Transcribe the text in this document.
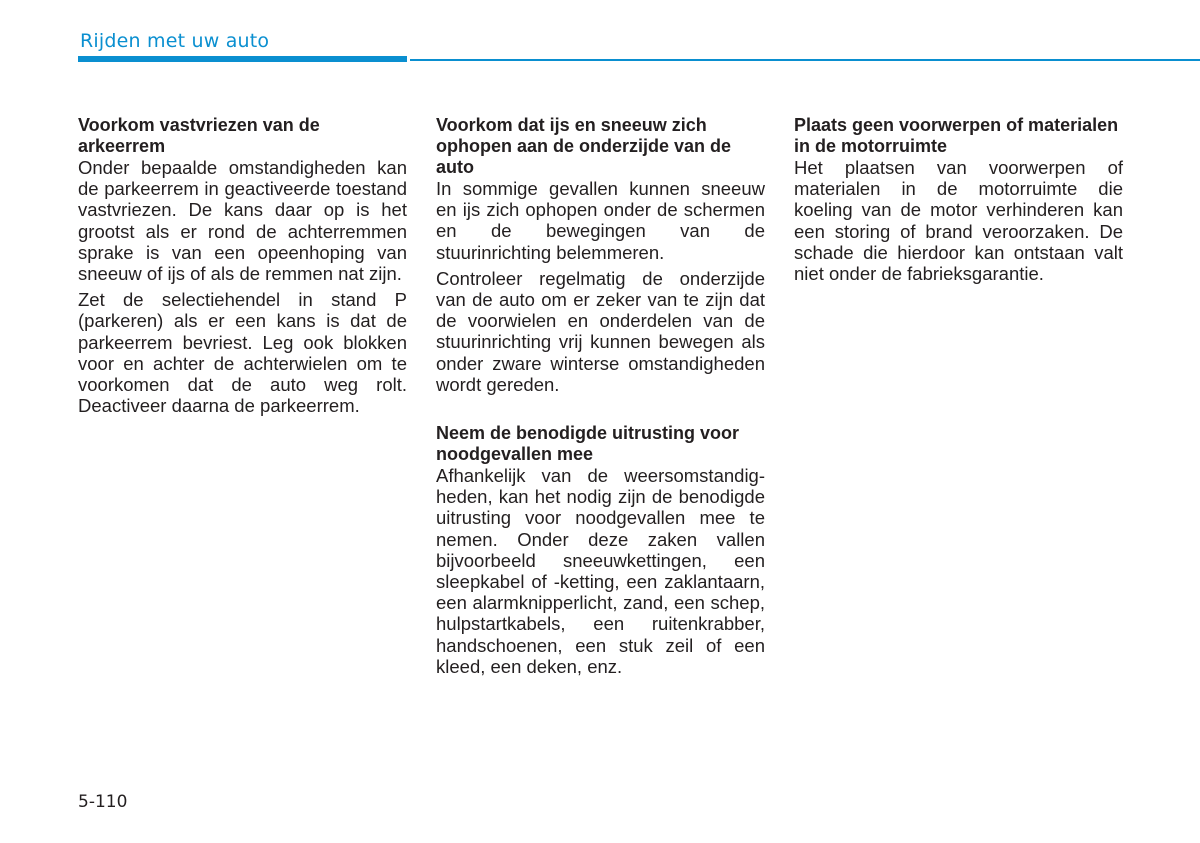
Rijden met uw auto

Voorkom vastvriezen van de arkeerrem

Onder bepaalde omstandigheden kan de parkeerrem in geactiveerde toestand vastvriezen. De kans daar op is het grootst als er rond de achterremmen sprake is van een opeenhoping van sneeuw of ijs of als de remmen nat zijn.

Zet de selectiehendel in stand P (parkeren) als er een kans is dat de parkeerrem bevriest. Leg ook blokken voor en achter de achterwielen om te voorkomen dat de auto weg rolt. Deactiveer daarna de parkeerrem.

Voorkom dat ijs en sneeuw zich ophopen aan de onderzijde van de auto

In sommige gevallen kunnen sneeuw en ijs zich ophopen onder de schermen en de bewegingen van de stuurinrichting belemmeren.

Controleer regelmatig de onderzijde van de auto om er zeker van te zijn dat de voorwielen en onderdelen van de stuurinrichting vrij kunnen bewegen als onder zware winterse omstandigheden wordt gereden.

Neem de benodigde uitrusting voor noodgevallen mee

Afhankelijk van de weersomstandig-heden, kan het nodig zijn de benodigde uitrusting voor noodgevallen mee te nemen. Onder deze zaken vallen bijvoorbeeld sneeuwkettingen, een sleepkabel of -ketting, een zaklantaarn, een alarmknipperlicht, zand, een schep, hulpstartkabels, een ruitenkrabber, handschoenen, een stuk zeil of een kleed, een deken, enz.

Plaats geen voorwerpen of materialen in de motorruimte

Het plaatsen van voorwerpen of materialen in de motorruimte die koeling van de motor verhinderen kan een storing of brand veroorzaken. De schade die hierdoor kan ontstaan valt niet onder de fabrieksgarantie.

5-110
